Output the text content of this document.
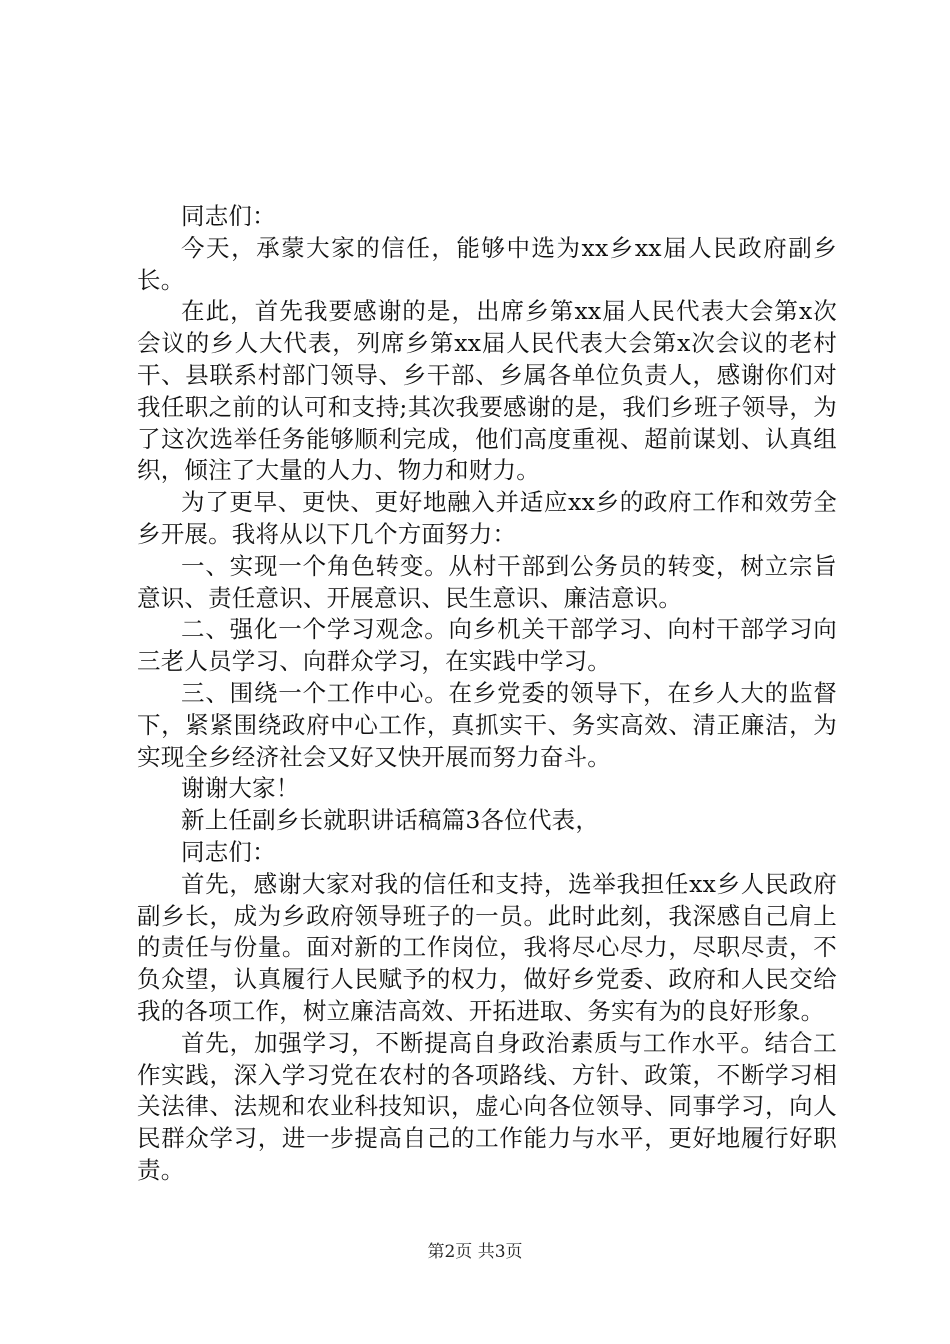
同志们：

今天，承蒙大家的信任，能够中选为xx乡xx届人民政府副乡长。

在此，首先我要感谢的是，出席乡第xx届人民代表大会第x次会议的乡人大代表，列席乡第xx届人民代表大会第x次会议的老村干、县联系村部门领导、乡干部、乡属各单位负责人，感谢你们对我任职之前的认可和支持;其次我要感谢的是，我们乡班子领导，为了这次选举任务能够顺利完成，他们高度重视、超前谋划、认真组织，倾注了大量的人力、物力和财力。

为了更早、更快、更好地融入并适应xx乡的政府工作和效劳全乡开展。我将从以下几个方面努力：

一、实现一个角色转变。从村干部到公务员的转变，树立宗旨意识、责任意识、开展意识、民生意识、廉洁意识。

二、强化一个学习观念。向乡机关干部学习、向村干部学习向三老人员学习、向群众学习，在实践中学习。

三、围绕一个工作中心。在乡党委的领导下，在乡人大的监督下，紧紧围绕政府中心工作，真抓实干、务实高效、清正廉洁，为实现全乡经济社会又好又快开展而努力奋斗。

谢谢大家！

新上任副乡长就职讲话稿篇3各位代表，

同志们：

首先，感谢大家对我的信任和支持，选举我担任xx乡人民政府副乡长，成为乡政府领导班子的一员。此时此刻，我深感自己肩上的责任与份量。面对新的工作岗位，我将尽心尽力，尽职尽责，不负众望，认真履行人民赋予的权力，做好乡党委、政府和人民交给我的各项工作，树立廉洁高效、开拓进取、务实有为的良好形象。

首先，加强学习，不断提高自身政治素质与工作水平。结合工作实践，深入学习党在农村的各项路线、方针、政策，不断学习相关法律、法规和农业科技知识，虚心向各位领导、同事学习，向人民群众学习，进一步提高自己的工作能力与水平，更好地履行好职责。

第2页 共3页
